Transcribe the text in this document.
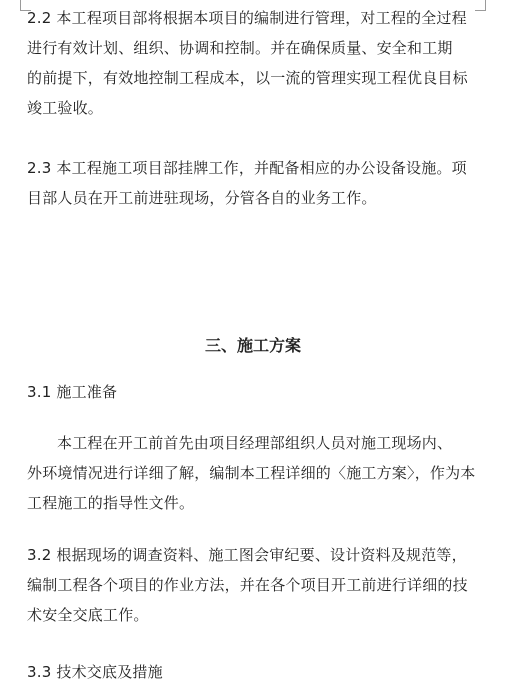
2.2 本工程项目部将根据本项目的编制进行管理，对工程的全过程
进行有效计划、组织、协调和控制。并在确保质量、安全和工期
的前提下，有效地控制工程成本，以一流的管理实现工程优良目标
竣工验收。

2.3 本工程施工项目部挂牌工作，并配备相应的办公设备设施。项
目部人员在开工前进驻现场，分管各自的业务工作。

三、施工方案

3.1 施工准备

本工程在开工前首先由项目经理部组织人员对施工现场内、
外环境情况进行详细了解，编制本工程详细的〈施工方案〉，作为本
工程施工的指导性文件。

3.2 根据现场的调查资料、施工图会审纪要、设计资料及规范等，
编制工程各个项目的作业方法，并在各个项目开工前进行详细的技
术安全交底工作。

3.3 技术交底及措施
